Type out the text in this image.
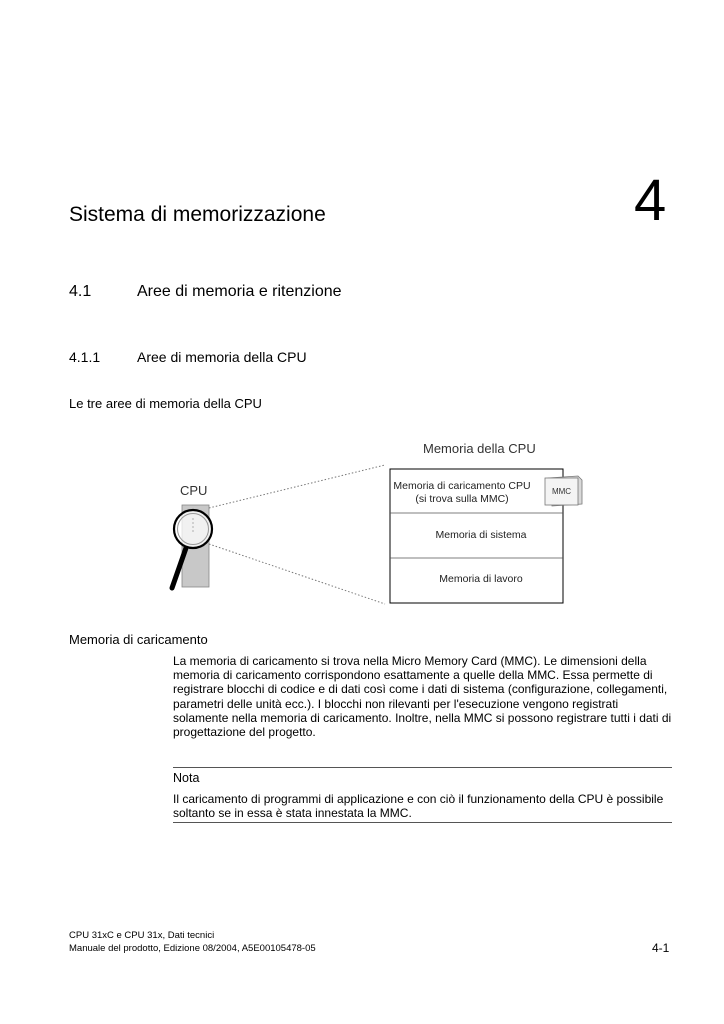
Sistema di memorizzazione	4
4.1	Aree di memoria e ritenzione
4.1.1	Aree di memoria della CPU
Le tre aree di memoria della CPU
Memoria della CPU
CPU	Memoria di caricamento CPU
(si trova sulla MMC)
Memoria di sistema
Memoria di lavoro
MMC
Memoria di caricamento
La memoria di caricamento si trova nella Micro Memory Card (MMC). Le dimensioni della memoria di caricamento corrispondono esattamente a quelle della MMC. Essa permette di registrare blocchi di codice e di dati così come i dati di sistema (configurazione, collegamenti, parametri delle unità ecc.). I blocchi non rilevanti per l'esecuzione vengono registrati solamente nella memoria di caricamento. Inoltre, nella MMC si possono registrare tutti i dati di progettazione del progetto.
Nota
Il caricamento di programmi di applicazione e con ciò il funzionamento della CPU è possibile soltanto se in essa è stata innestata la MMC.
CPU 31xC e CPU 31x, Dati tecnici
Manuale del prodotto, Edizione 08/2004, A5E00105478-05	4-1
